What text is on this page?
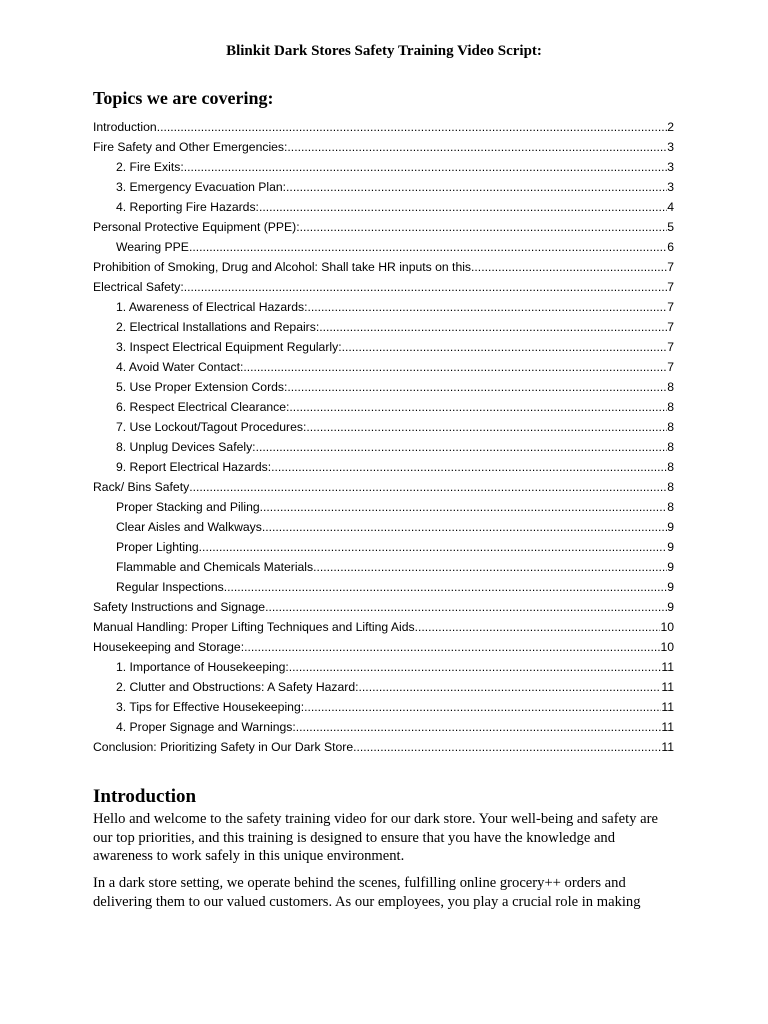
Blinkit Dark Stores Safety Training Video Script:
Topics we are covering:
Introduction .....	2
Fire Safety and Other Emergencies: .....	3
2. Fire Exits: .....	3
3. Emergency Evacuation Plan: .....	3
4. Reporting Fire Hazards: .....	4
Personal Protective Equipment (PPE): .....	5
Wearing PPE .....	6
Prohibition of Smoking, Drug and Alcohol: Shall take HR inputs on this .....	7
Electrical Safety: .....	7
1. Awareness of Electrical Hazards: .....	7
2. Electrical Installations and Repairs: .....	7
3. Inspect Electrical Equipment Regularly: .....	7
4. Avoid Water Contact: .....	7
5. Use Proper Extension Cords: .....	8
6. Respect Electrical Clearance: .....	8
7. Use Lockout/Tagout Procedures: .....	8
8. Unplug Devices Safely: .....	8
9. Report Electrical Hazards: .....	8
Rack/ Bins Safety .....	8
Proper Stacking and Piling .....	8
Clear Aisles and Walkways .....	9
Proper Lighting .....	9
Flammable and Chemicals Materials .....	9
Regular Inspections .....	9
Safety Instructions and Signage .....	9
Manual Handling: Proper Lifting Techniques and Lifting Aids .....	10
Housekeeping and Storage: .....	10
1. Importance of Housekeeping: .....	11
2. Clutter and Obstructions: A Safety Hazard: .....	11
3. Tips for Effective Housekeeping: .....	11
4. Proper Signage and Warnings: .....	11
Conclusion: Prioritizing Safety in Our Dark Store .....	11
Introduction

Hello and welcome to the safety training video for our dark store. Your well-being and safety are our top priorities, and this training is designed to ensure that you have the knowledge and awareness to work safely in this unique environment.

In a dark store setting, we operate behind the scenes, fulfilling online grocery++ orders and delivering them to our valued customers. As our employees, you play a crucial role in making
